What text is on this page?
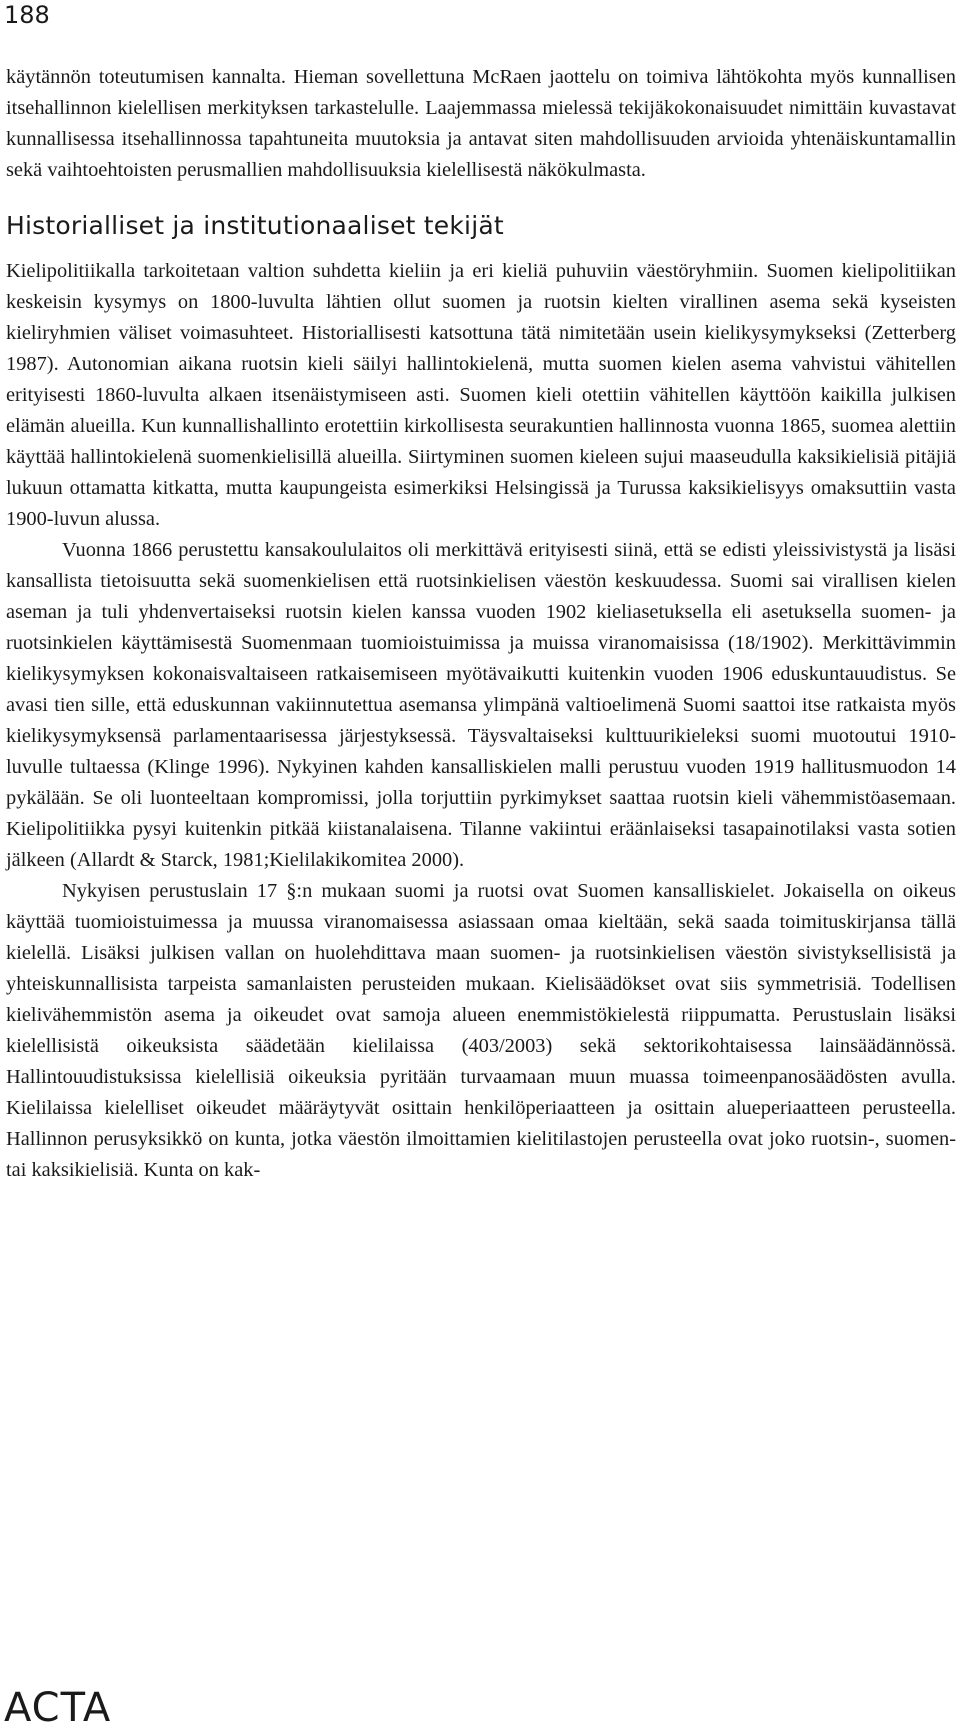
188

käytännön toteutumisen kannalta. Hieman sovellettuna McRaen jaottelu on toimiva lähtökohta myös kunnallisen itsehallinnon kielellisen merkityksen tarkastelulle. Laajemmassa mielessä tekijäkokonaisuudet nimittäin kuvastavat kunnallisessa itsehallinnossa tapahtuneita muutoksia ja antavat siten mahdollisuuden arvioida yhtenäiskuntamallin sekä vaihtoehtoisten perusmallien mahdollisuuksia kielellisestä näkökulmasta.

Historialliset ja institutionaaliset tekijät

Kielipolitiikalla tarkoitetaan valtion suhdetta kieliin ja eri kieliä puhuviin väestöryhmiin. Suomen kielipolitiikan keskeisin kysymys on 1800-luvulta lähtien ollut suomen ja ruotsin kielten virallinen asema sekä kyseisten kieliryhmien väliset voimasuhteet. Historiallisesti katsottuna tätä nimitetään usein kielikysymykseksi (Zetterberg 1987). Autonomian aikana ruotsin kieli säilyi hallintokielenä, mutta suomen kielen asema vahvistui vähitellen erityisesti 1860-luvulta alkaen itsenäistymiseen asti. Suomen kieli otettiin vähitellen käyttöön kaikilla julkisen elämän alueilla. Kun kunnallishallinto erotettiin kirkollisesta seurakuntien hallinnosta vuonna 1865, suomea alettiin käyttää hallintokielenä suomenkielisillä alueilla. Siirtyminen suomen kieleen sujui maaseudulla kaksikielisiä pitäjiä lukuun ottamatta kitkatta, mutta kaupungeista esimerkiksi Helsingissä ja Turussa kaksikielisyys omaksuttiin vasta 1900-luvun alussa.

Vuonna 1866 perustettu kansakoululaitos oli merkittävä erityisesti siinä, että se edisti yleissivistystä ja lisäsi kansallista tietoisuutta sekä suomenkielisen että ruotsinkielisen väestön keskuudessa. Suomi sai virallisen kielen aseman ja tuli yhdenvertaiseksi ruotsin kielen kanssa vuoden 1902 kieliasetuksella eli asetuksella suomen- ja ruotsinkielen käyttämisestä Suomenmaan tuomioistuimissa ja muissa viranomaisissa (18/1902). Merkittävimmin kielikysymyksen kokonaisvaltaiseen ratkaisemiseen myötävaikutti kuitenkin vuoden 1906 eduskuntauudistus. Se avasi tien sille, että eduskunnan vakiinnutettua asemansa ylimpänä valtioelimenä Suomi saattoi itse ratkaista myös kielikysymyksensä parlamentaarisessa järjestyksessä. Täysvaltaiseksi kulttuurikieleksi suomi muotoutui 1910-luvulle tultaessa (Klinge 1996). Nykyinen kahden kansalliskielen malli perustuu vuoden 1919 hallitusmuodon 14 pykälään. Se oli luonteeltaan kompromissi, jolla torjuttiin pyrkimykset saattaa ruotsin kieli vähemmistöasemaan. Kielipolitiikka pysyi kuitenkin pitkää kiistanalaisena. Tilanne vakiintui eräänlaiseksi tasapainotilaksi vasta sotien jälkeen (Allardt & Starck, 1981;Kielilakikomitea 2000).

Nykyisen perustuslain 17 §:n mukaan suomi ja ruotsi ovat Suomen kansalliskielet. Jokaisella on oikeus käyttää tuomioistuimessa ja muussa viranomaisessa asiassaan omaa kieltään, sekä saada toimituskirjansa tällä kielellä. Lisäksi julkisen vallan on huolehdittava maan suomen- ja ruotsinkielisen väestön sivistyksellisistä ja yhteiskunnallisista tarpeista samanlaisten perusteiden mukaan. Kielisäädökset ovat siis symmetrisiä. Todellisen kielivähemmistön asema ja oikeudet ovat samoja alueen enemmistökielestä riippumatta. Perustuslain lisäksi kielellisistä oikeuksista säädetään kielilaissa (403/2003) sekä sektorikohtaisessa lainsäädännössä. Hallintouudistuksissa kielellisiä oikeuksia pyritään turvaamaan muun muassa toimeenpanosäädösten avulla. Kielilaissa kielelliset oikeudet määräytyvät osittain henkilöperiaatteen ja osittain alueperiaatteen perusteella. Hallinnon perusyksikkö on kunta, jotka väestön ilmoittamien kielitilastojen perusteella ovat joko ruotsin-, suomen- tai kaksikielisiä. Kunta on kak-

ACTA
